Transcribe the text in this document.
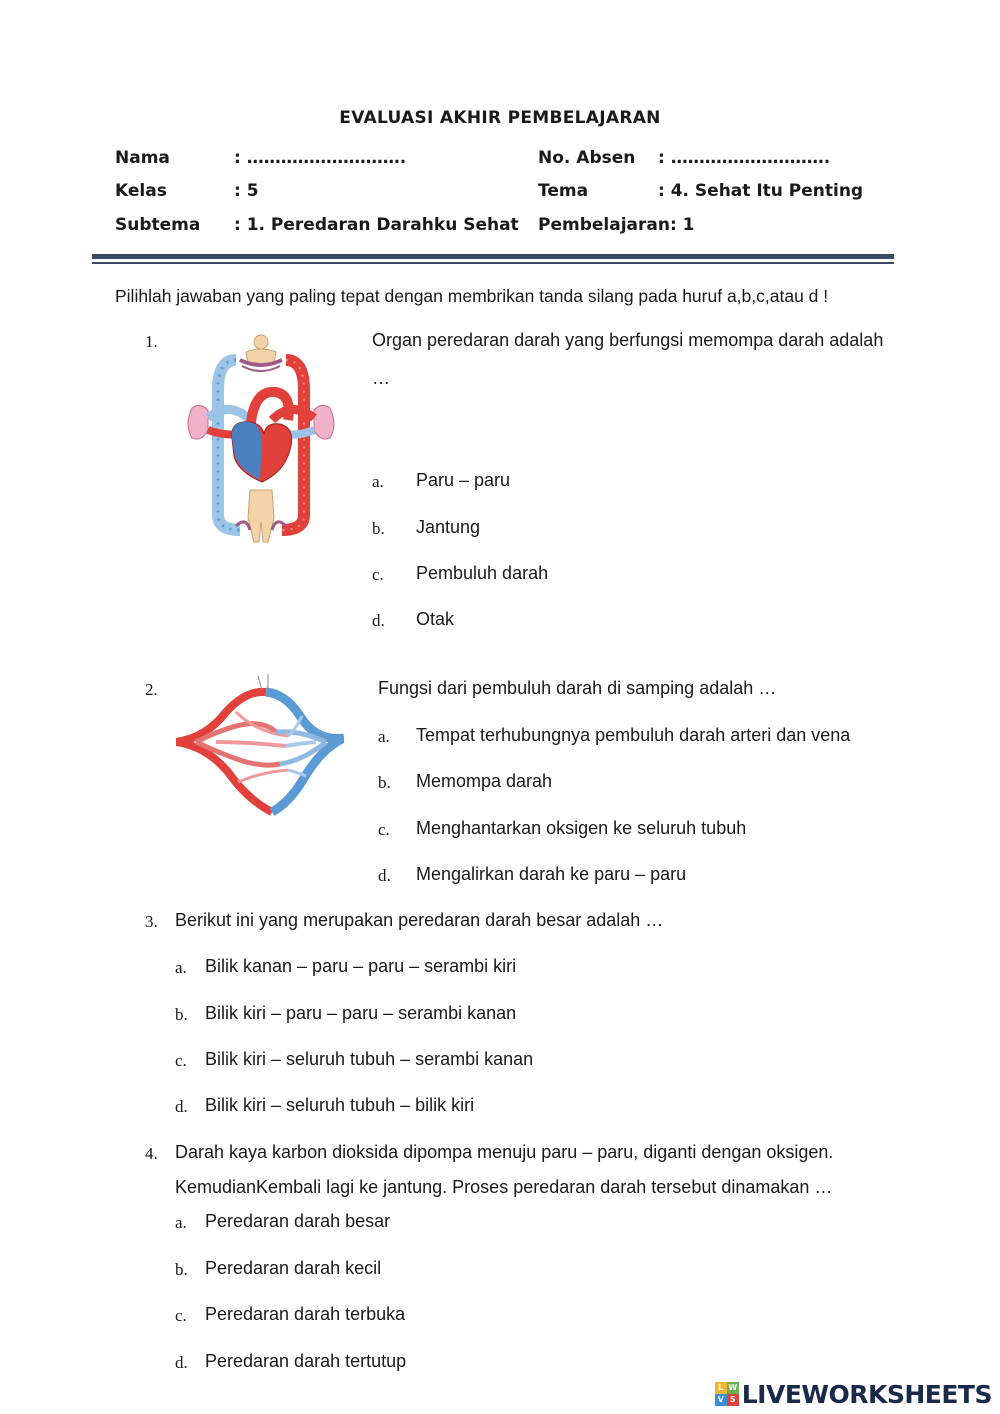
EVALUASI AKHIR PEMBELAJARAN
Nama	: ……………………….	No. Absen : ……………………….
Kelas	: 5	Tema	: 4. Sehat Itu Penting
Subtema : 1. Peredaran Darahku Sehat Pembelajaran: 1
Pilihlah jawaban yang paling tepat dengan membrikan tanda silang pada huruf a,b,c,atau d !
1.	Organ peredaran darah yang berfungsi memompa darah adalah
…
a. Paru – paru
b. Jantung
c. Pembuluh darah
d. Otak
2.	Fungsi dari pembuluh darah di samping adalah …
a. Tempat terhubungnya pembuluh darah arteri dan vena
b. Memompa darah
c. Menghantarkan oksigen ke seluruh tubuh
d. Mengalirkan darah ke paru – paru
3. Berikut ini yang merupakan peredaran darah besar adalah …
a. Bilik kanan – paru – paru – serambi kiri
b. Bilik kiri – paru – paru – serambi kanan
c. Bilik kiri – seluruh tubuh – serambi kanan
d. Bilik kiri – seluruh tubuh – bilik kiri
4. Darah kaya karbon dioksida dipompa menuju paru – paru, diganti dengan oksigen.
KemudianKembali lagi ke jantung. Proses peredaran darah tersebut dinamakan …
a. Peredaran darah besar
b. Peredaran darah kecil
c. Peredaran darah terbuka
d. Peredaran darah tertutup
L W
V S LIVEWORKSHEETS
